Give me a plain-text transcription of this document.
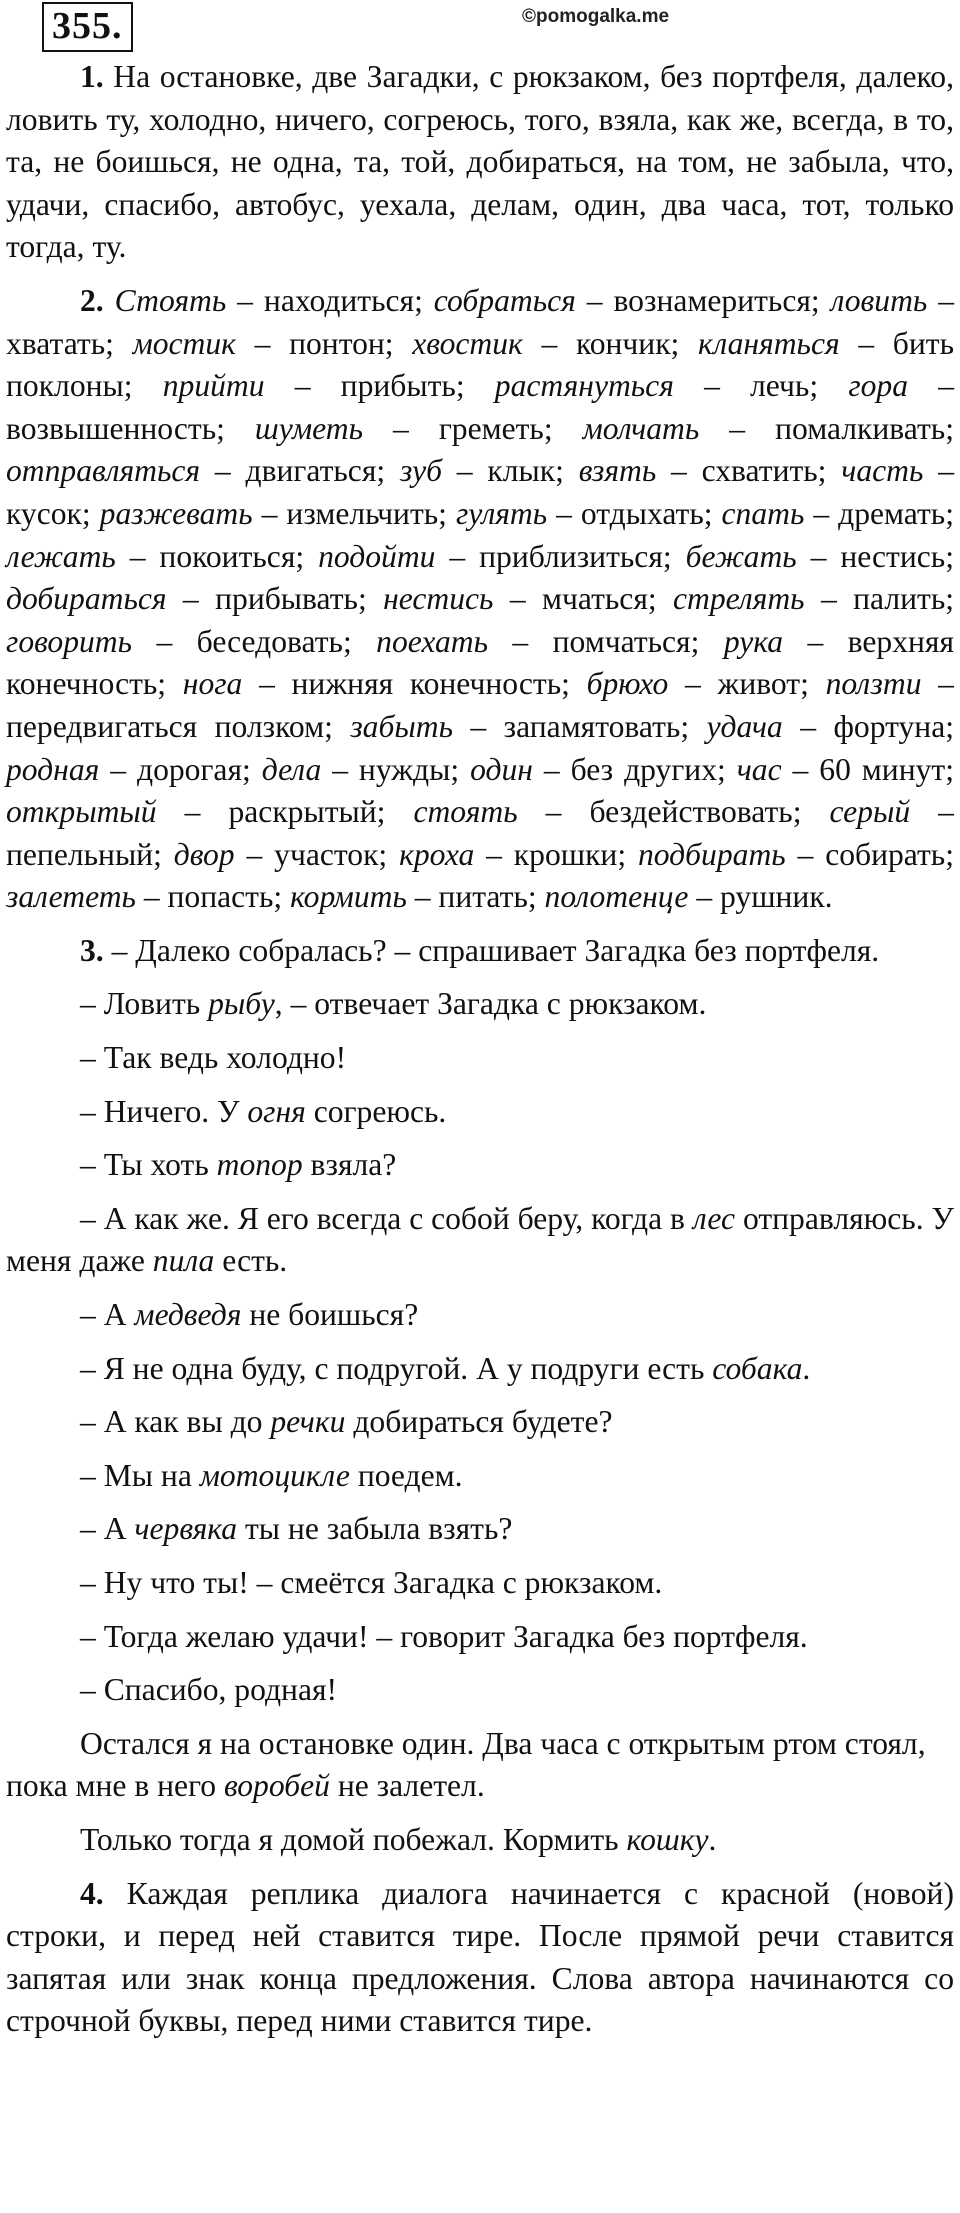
355.	©pomogalka.me

1. На остановке, две Загадки, с рюкзаком, без портфеля, далеко, ловить ту, холодно, ничего, согреюсь, того, взяла, как же, всегда, в то, та, не боишься, не одна, та, той, добираться, на том, не забыла, что, удачи, спасибо, автобус, уехала, делам, один, два часа, тот, только тогда, ту.

2. Стоять – находиться; собраться – вознамериться; ловить – хватать; мостик – понтон; хвостик – кончик; кланяться – бить поклоны; прийти – прибыть; растянуться – лечь; гора – возвышенность; шуметь – греметь; молчать – помалкивать; отправляться – двигаться; зуб – клык; взять – схватить; часть – кусок; разжевать – измельчить; гулять – отдыхать; спать – дремать; лежать – покоиться; подойти – приблизиться; бежать – нестись; добираться – прибывать; нестись – мчаться; стрелять – палить; говорить – беседовать; поехать – помчаться; рука – верхняя конечность; нога – нижняя конечность; брюхо – живот; ползти – передвигаться ползком; забыть – запамятовать; удача – фортуна; родная – дорогая; дела – нужды; один – без других; час – 60 минут; открытый – раскрытый; стоять – бездействовать; серый – пепельный; двор – участок; кроха – крошки; подбирать – собирать; залететь – попасть; кормить – питать; полотенце – рушник.

3. – Далеко собралась? – спрашивает Загадка без портфеля.

– Ловить рыбу, – отвечает Загадка с рюкзаком.

– Так ведь холодно!

– Ничего. У огня согреюсь.

– Ты хоть топор взяла?

– А как же. Я его всегда с собой беру, когда в лес отправляюсь. У меня даже пила есть.

– А медведя не боишься?

– Я не одна буду, с подругой. А у подруги есть собака.

– А как вы до речки добираться будете?

– Мы на мотоцикле поедем.

– А червяка ты не забыла взять?

– Ну что ты! – смеётся Загадка с рюкзаком.

– Тогда желаю удачи! – говорит Загадка без портфеля.

– Спасибо, родная!

Остался я на остановке один. Два часа с открытым ртом стоял, пока мне в него воробей не залетел.

Только тогда я домой побежал. Кормить кошку.

4. Каждая реплика диалога начинается с красной (новой) строки, и перед ней ставится тире. После прямой речи ставится запятая или знак конца предложения. Слова автора начинаются со строчной буквы, перед ними ставится тире.
